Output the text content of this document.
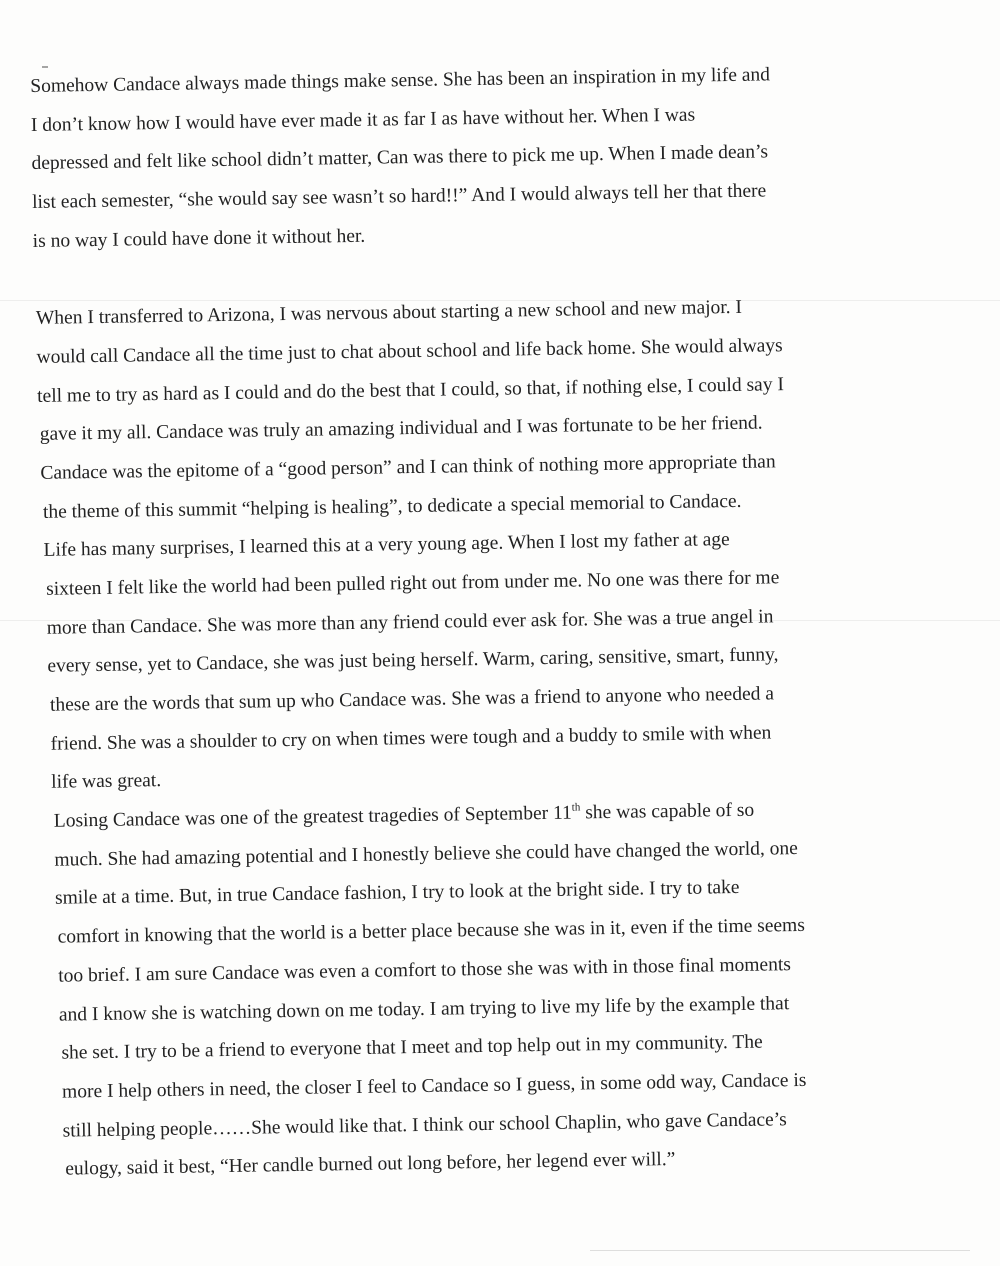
Somehow Candace always made things make sense. She has been an inspiration in my life and
I don’t know how I would have ever made it as far I as have without her. When I was
depressed and felt like school didn’t matter, Can was there to pick me up. When I made dean’s
list each semester, “she would say see wasn’t so hard!!” And I would always tell her that there
is no way I could have done it without her.
When I transferred to Arizona, I was nervous about starting a new school and new major. I
would call Candace all the time just to chat about school and life back home. She would always
tell me to try as hard as I could and do the best that I could, so that, if nothing else, I could say I
gave it my all. Candace was truly an amazing individual and I was fortunate to be her friend.
Candace was the epitome of a “good person” and I can think of nothing more appropriate than
the theme of this summit “helping is healing”, to dedicate a special memorial to Candace.
Life has many surprises, I learned this at a very young age. When I lost my father at age
sixteen I felt like the world had been pulled right out from under me. No one was there for me
more than Candace. She was more than any friend could ever ask for. She was a true angel in
every sense, yet to Candace, she was just being herself. Warm, caring, sensitive, smart, funny,
these are the words that sum up who Candace was. She was a friend to anyone who needed a
friend. She was a shoulder to cry on when times were tough and a buddy to smile with when
life was great.
Losing Candace was one of the greatest tragedies of September 11th she was capable of so
much. She had amazing potential and I honestly believe she could have changed the world, one
smile at a time. But, in true Candace fashion, I try to look at the bright side. I try to take
comfort in knowing that the world is a better place because she was in it, even if the time seems
too brief. I am sure Candace was even a comfort to those she was with in those final moments
and I know she is watching down on me today. I am trying to live my life by the example that
she set. I try to be a friend to everyone that I meet and top help out in my community. The
more I help others in need, the closer I feel to Candace so I guess, in some odd way, Candace is
still helping people……She would like that. I think our school Chaplin, who gave Candace’s
eulogy, said it best, “Her candle burned out long before, her legend ever will.”
